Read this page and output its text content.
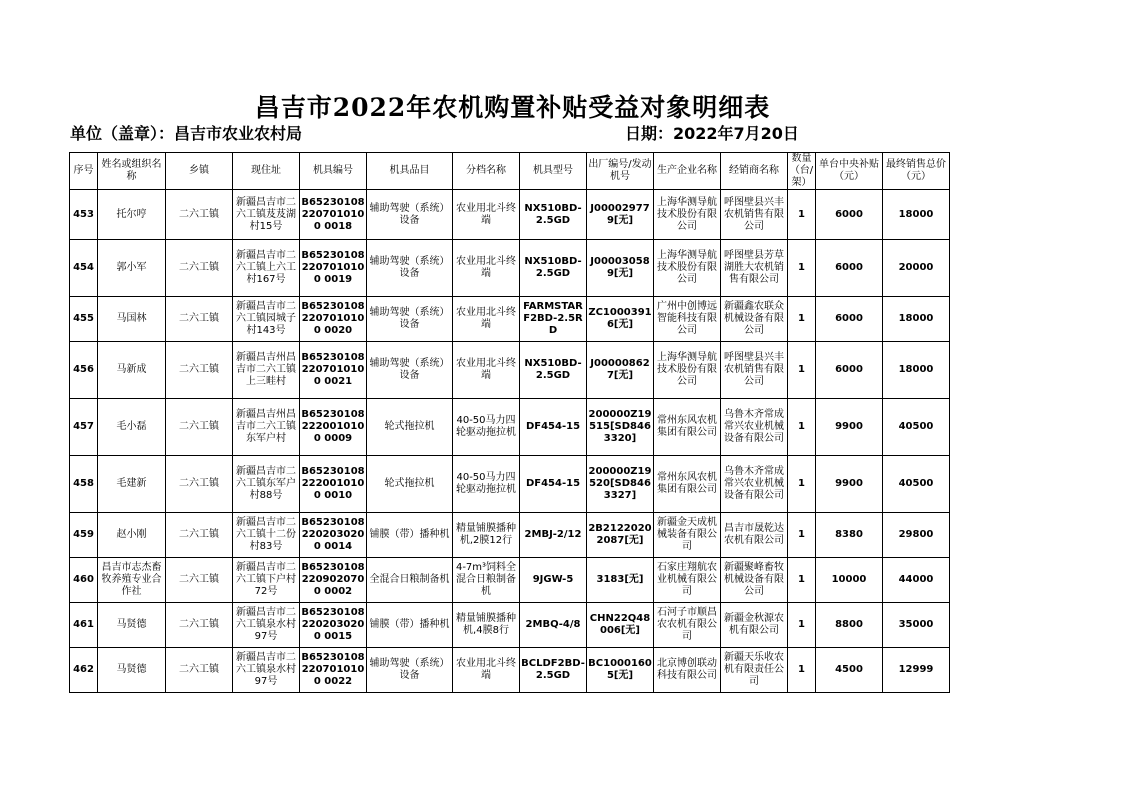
昌吉市2022年农机购置补贴受益对象明细表
单位（盖章）：昌吉市农业农村局	日期：2022年7月20日
序号	姓名或组织名称	乡镇	现住址	机具编号	机具品目	分档名称	机具型号	出厂编号/发动机号	生产企业名称	经销商名称	数量（台/架）	单台中央补贴（元）	最终销售总价（元）
453	托尔哼	二六工镇	新疆昌吉市二六工镇芨芨湖村15号	B652301082207010100 0018	辅助驾驶（系统）设备	农业用北斗终端	NX510BD-2.5GD	J000029779[无]	上海华测导航技术股份有限公司	呼图壁县兴丰农机销售有限公司	1	6000	18000
454	郭小军	二六工镇	新疆昌吉市二六工镇上六工村167号	B652301082207010100 0019	辅助驾驶（系统）设备	农业用北斗终端	NX510BD-2.5GD	J000030589[无]	上海华测导航技术股份有限公司	呼图壁县芳草湖胜大农机销售有限公司	1	6000	20000
455	马国林	二六工镇	新疆昌吉市二六工镇园城子村143号	B652301082207010100 0020	辅助驾驶（系统）设备	农业用北斗终端	FARMSTAR F2BD-2.5RD	ZC10003916[无]	广州中创博远智能科技有限公司	新疆鑫农联众机械设备有限公司	1	6000	18000
456	马新成	二六工镇	新疆昌吉州昌吉市二六工镇上三畦村	B652301082207010100 0021	辅助驾驶（系统）设备	农业用北斗终端	NX510BD-2.5GD	J000008627[无]	上海华测导航技术股份有限公司	呼图壁县兴丰农机销售有限公司	1	6000	18000
457	毛小磊	二六工镇	新疆昌吉州昌吉市二六工镇东军户村	B652301082220010100 0009	轮式拖拉机	40-50马力四轮驱动拖拉机	DF454-15	200000Z19515[SD8463320]	常州东风农机集团有限公司	乌鲁木齐常成常兴农业机械设备有限公司	1	9900	40500
458	毛建新	二六工镇	新疆昌吉市二六工镇东军户村88号	B652301082220010100 0010	轮式拖拉机	40-50马力四轮驱动拖拉机	DF454-15	200000Z19520[SD8463327]	常州东风农机集团有限公司	乌鲁木齐常成常兴农业机械设备有限公司	1	9900	40500
459	赵小刚	二六工镇	新疆昌吉市二六工镇十二份村83号	B652301082202030200 0014	铺膜（带）播种机	精量铺膜播种机,2膜12行	2MBJ-2/12	2B21220202087[无]	新疆金天成机械装备有限公司	昌吉市晟乾达农机有限公司	1	8380	29800
460	昌吉市志杰畜牧养殖专业合作社	二六工镇	新疆昌吉市二六工镇下户村72号	B652301082209020700 0002	全混合日粮制备机	4-7m³饲料全混合日粮制备机	9JGW-5	3183[无]	石家庄翔航农业机械有限公司	新疆聚峰畜牧机械设备有限公司	1	10000	44000
461	马贤德	二六工镇	新疆昌吉市二六工镇泉水村97号	B652301082202030200 0015	铺膜（带）播种机	精量铺膜播种机,4膜8行	2MBQ-4/8	CHN22Q48006[无]	石河子市顺昌农农机有限公司	新疆金秋源农机有限公司	1	8800	35000
462	马贤德	二六工镇	新疆昌吉市二六工镇泉水村97号	B652301082207010100 0022	辅助驾驶（系统）设备	农业用北斗终端	BCLDF2BD-2.5GD	BC10001605[无]	北京博创联动科技有限公司	新疆天乐收农机有限责任公司	1	4500	12999
